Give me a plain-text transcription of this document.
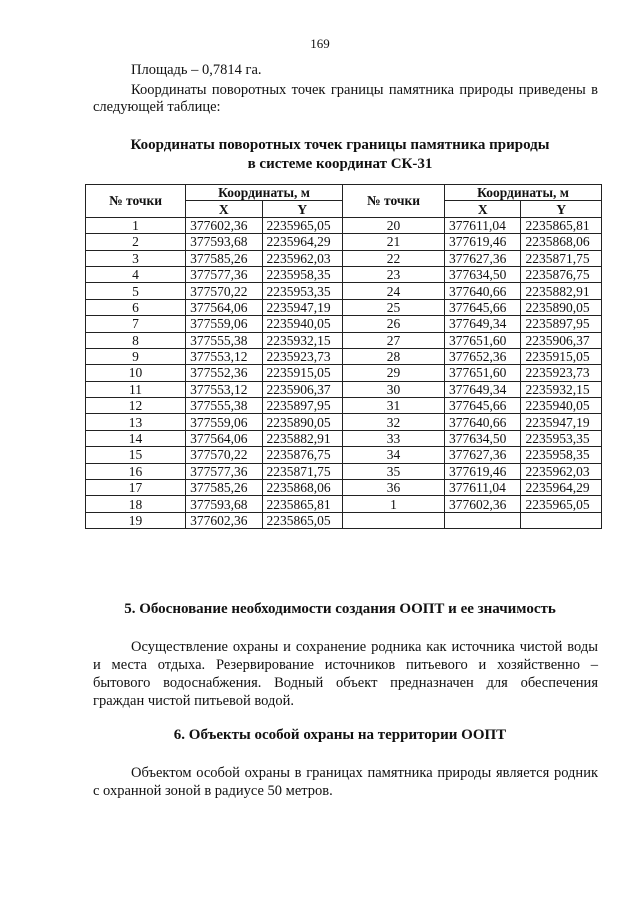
169
Площадь – 0,7814 га.
Координаты поворотных точек границы памятника природы приведены в следующей таблице:
Координаты поворотных точек границы памятника природы
в системе координат СК-31
№ точки	Координаты, м		№ точки	Координаты, м	
	X	Y		X	Y
1	377602,36	2235965,05	20	377611,04	2235865,81
2	377593,68	2235964,29	21	377619,46	2235868,06
3	377585,26	2235962,03	22	377627,36	2235871,75
4	377577,36	2235958,35	23	377634,50	2235876,75
5	377570,22	2235953,35	24	377640,66	2235882,91
6	377564,06	2235947,19	25	377645,66	2235890,05
7	377559,06	2235940,05	26	377649,34	2235897,95
8	377555,38	2235932,15	27	377651,60	2235906,37
9	377553,12	2235923,73	28	377652,36	2235915,05
10	377552,36	2235915,05	29	377651,60	2235923,73
11	377553,12	2235906,37	30	377649,34	2235932,15
12	377555,38	2235897,95	31	377645,66	2235940,05
13	377559,06	2235890,05	32	377640,66	2235947,19
14	377564,06	2235882,91	33	377634,50	2235953,35
15	377570,22	2235876,75	34	377627,36	2235958,35
16	377577,36	2235871,75	35	377619,46	2235962,03
17	377585,26	2235868,06	36	377611,04	2235964,29
18	377593,68	2235865,81	1	377602,36	2235965,05
19	377602,36	2235865,05			
5. Обоснование необходимости создания ООПТ и ее значимость
Осуществление охраны и сохранение родника как источника чистой воды и места отдыха. Резервирование источников питьевого и хозяйственно – бытового водоснабжения. Водный объект предназначен для обеспечения граждан чистой питьевой водой.
6. Объекты особой охраны на территории ООПТ
Объектом особой охраны в границах памятника природы является родник с охранной зоной в радиусе 50 метров.
